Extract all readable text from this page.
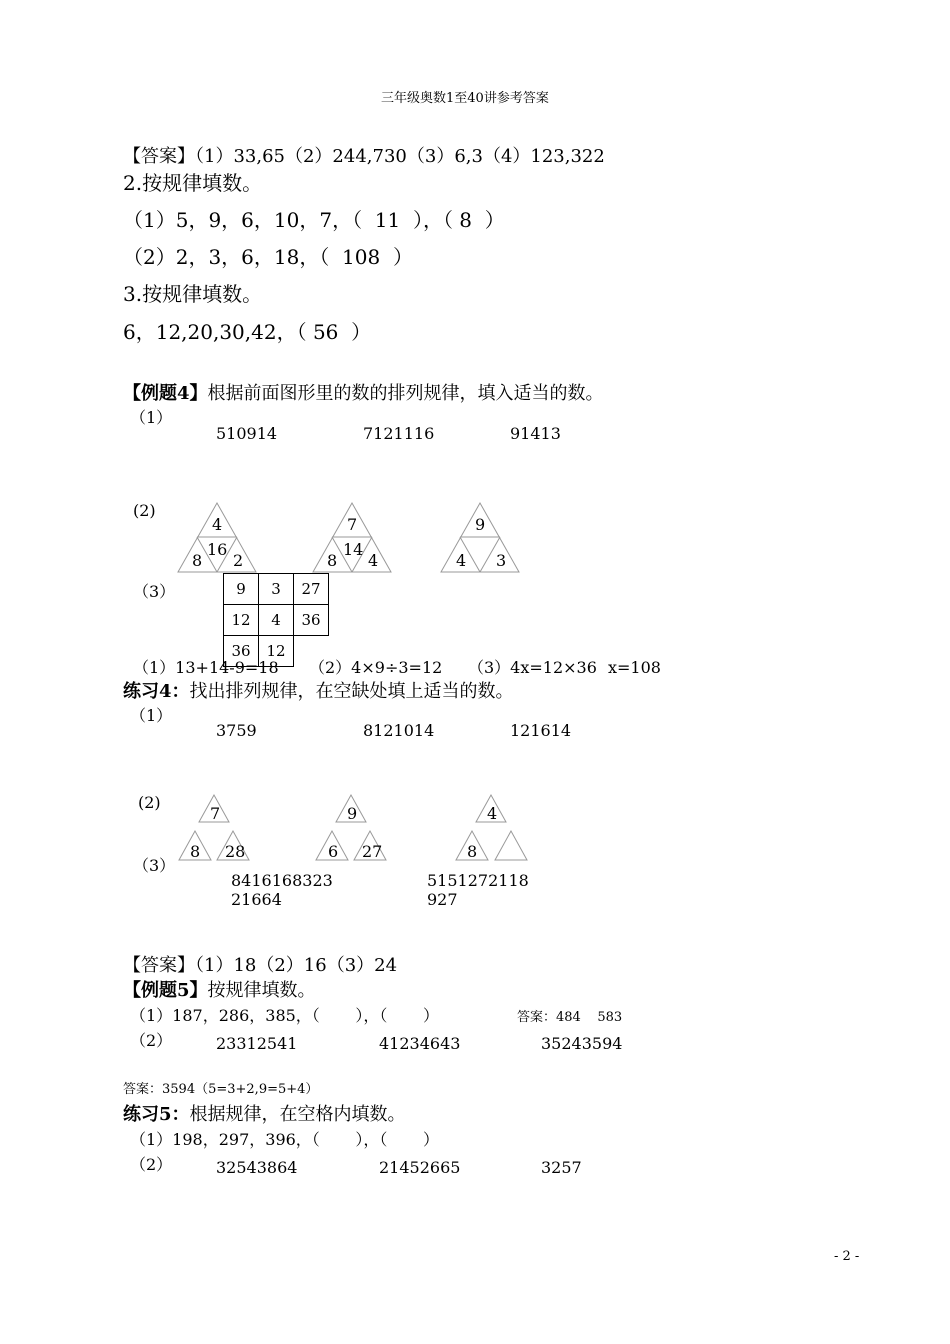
三年级奥数1至40讲参考答案
【答案】（1）33,65（2）244,730（3）6,3（4）123,322
2.按规律填数。
（1）5，9，6，10，7，（  11  ），（ 8  ）
（2）2，3，6，18，（  108  ）
3.按规律填数。
6，12,20,30,42，（ 56  ）
【例题4】根据前面图形里的数的排列规律，填入适当的数。
（1）
510914	7121116	91413
(2)
4
16
8 2
7
14
8 4
9
4 3
（3）	9	3	27
12	4	36
36	12	
（1）13+14-9=18 （2）4×9÷3=12 （3）4x=12×36 x=108
练习4：找出排列规律，在空缺处填上适当的数。
（1）
3759	8121014	121614
(2)
7
8 28
9
6 27
4
8
（3）
8416168323
21664
5151272118
927
【答案】（1）18（2）16（3）24
【例题5】按规律填数。
（1）187，286，385，（       ），（       ）	答案：484    583
（2）	23312541	41234643	35243594
答案：3594（5=3+2,9=5+4）
练习5：根据规律，在空格内填数。
（1）198，297，396，（       ），（       ）
（2）	32543864	21452665	3257
- 2 -
